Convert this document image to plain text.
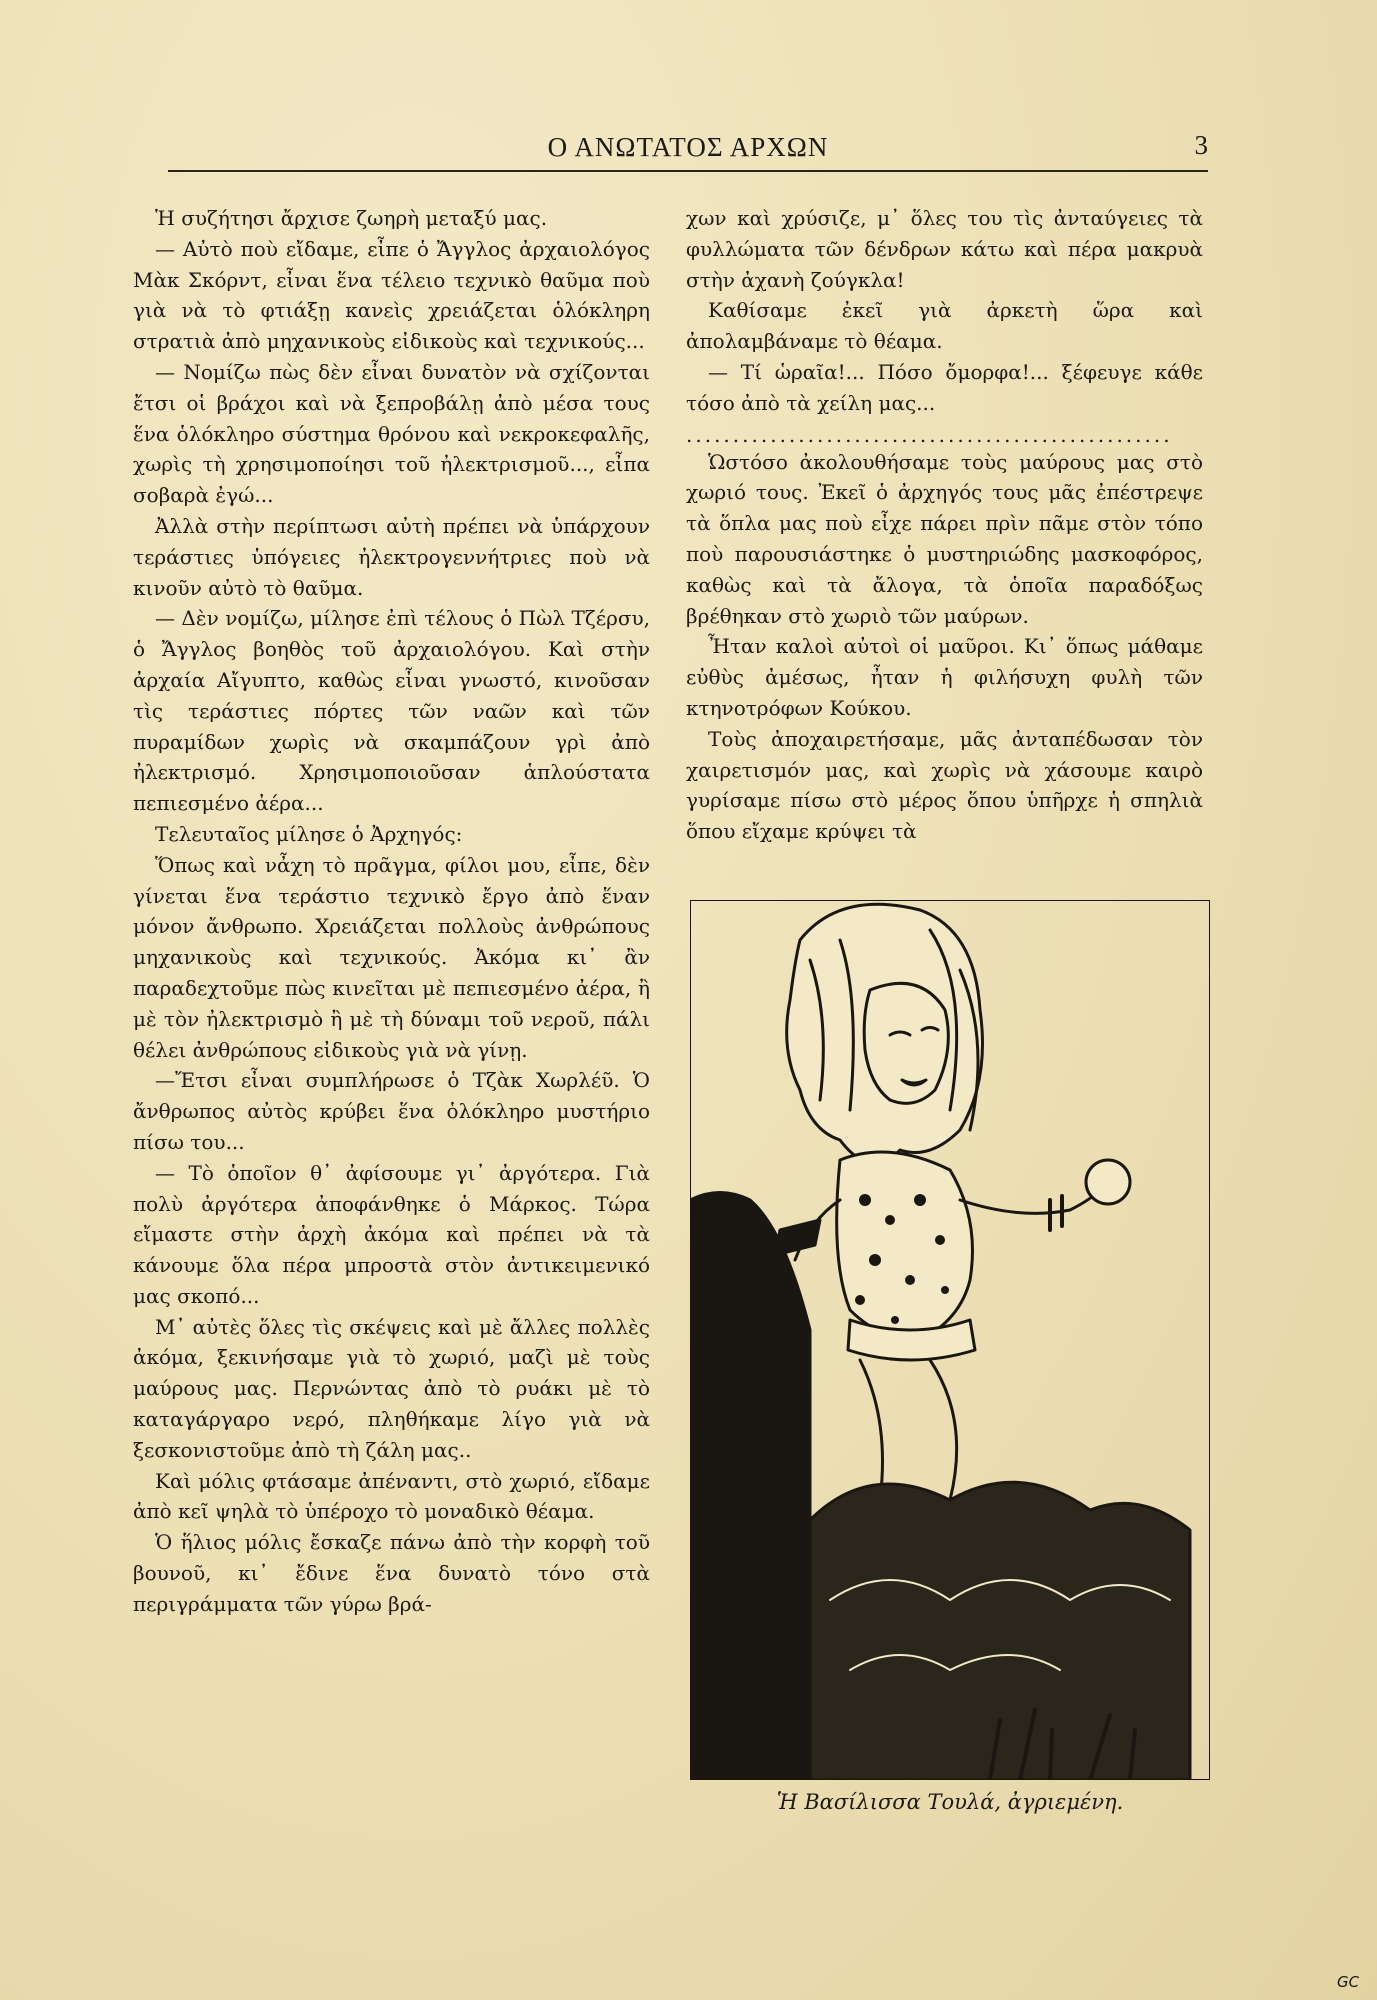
Ο ΑΝΩΤΑΤΟΣ ΑΡΧΩΝ	3

Ἡ συζήτησι ἄρχισε ζωηρὴ μεταξύ μας.

— Αὐτὸ ποὺ εἴδαμε, εἶπε ὁ Ἄγγλος ἀρχαιολόγος Μὰκ Σκόρντ, εἶναι ἕνα τέλειο τεχνικὸ θαῦμα ποὺ γιὰ νὰ τὸ φτιάξῃ κανεὶς χρειάζεται ὁλόκληρη στρατιὰ ἀπὸ μηχανικοὺς εἰδικοὺς καὶ τεχνικούς...

— Νομίζω πὼς δὲν εἶναι δυνατὸν νὰ σχίζονται ἔτσι οἱ βράχοι καὶ νὰ ξεπροβάλῃ ἀπὸ μέσα τους ἕνα ὁλόκληρο σύστημα θρόνου καὶ νεκροκεφαλῆς, χωρὶς τὴ χρησιμοποίησι τοῦ ἠλεκτρισμοῦ..., εἶπα σοβαρὰ ἐγώ...

Ἀλλὰ στὴν περίπτωσι αὐτὴ πρέπει νὰ ὑπάρχουν τεράστιες ὑπόγειες ἠλεκτρογεννήτριες ποὺ νὰ κινοῦν αὐτὸ τὸ θαῦμα.

— Δὲν νομίζω, μίλησε ἐπὶ τέλους ὁ Πὼλ Τζέρσυ, ὁ Ἄγγλος βοηθὸς τοῦ ἀρχαιολόγου. Καὶ στὴν ἀρχαία Αἴγυπτο, καθὼς εἶναι γνωστό, κινοῦσαν τὶς τεράστιες πόρτες τῶν ναῶν καὶ τῶν πυραμίδων χωρὶς νὰ σκαμπάζουν γρὶ ἀπὸ ἠλεκτρισμό. Χρησιμοποιοῦσαν ἁπλούστατα πεπιεσμένο ἀέρα...

Τελευταῖος μίλησε ὁ Ἀρχηγός:

Ὅπως καὶ νἆχη τὸ πρᾶγμα, φίλοι μου, εἶπε, δὲν γίνεται ἕνα τεράστιο τεχνικὸ ἔργο ἀπὸ ἕναν μόνον ἄνθρωπο. Χρειάζεται πολλοὺς ἀνθρώπους μηχανικοὺς καὶ τεχνικούς. Ἀκόμα κι᾽ ἂν παραδεχτοῦμε πὼς κινεῖται μὲ πεπιεσμένο ἀέρα, ἢ μὲ τὸν ἠλεκτρισμὸ ἢ μὲ τὴ δύναμι τοῦ νεροῦ, πάλι θέλει ἀνθρώπους εἰδικοὺς γιὰ νὰ γίνῃ.

—Ἔτσι εἶναι συμπλήρωσε ὁ Τζὰκ Χωρλέῦ. Ὁ ἄνθρωπος αὐτὸς κρύβει ἕνα ὁλόκληρο μυστήριο πίσω του...

— Τὸ ὁποῖον θ᾽ ἀφίσουμε γι᾽ ἀργότερα. Γιὰ πολὺ ἀργότερα ἀποφάνθηκε ὁ Μάρκος. Τώρα εἴμαστε στὴν ἀρχὴ ἀκόμα καὶ πρέπει νὰ τὰ κάνουμε ὅλα πέρα μπροστὰ στὸν ἀντικειμενικό μας σκοπό...

Μ᾽ αὐτὲς ὅλες τὶς σκέψεις καὶ μὲ ἄλλες πολλὲς ἀκόμα, ξεκινήσαμε γιὰ τὸ χωριό, μαζὶ μὲ τοὺς μαύρους μας. Περνώντας ἀπὸ τὸ ρυάκι μὲ τὸ καταγάργαρο νερό, πληθήκαμε λίγο γιὰ νὰ ξεσκονιστοῦμε ἀπὸ τὴ ζάλη μας..

Καὶ μόλις φτάσαμε ἀπέναντι, στὸ χωριό, εἴδαμε ἀπὸ κεῖ ψηλὰ τὸ ὑπέροχο τὸ μοναδικὸ θέαμα.

Ὁ ἥλιος μόλις ἔσκαζε πάνω ἀπὸ τὴν κορφὴ τοῦ βουνοῦ, κι᾽ ἔδινε ἕνα δυνατὸ τόνο στὰ περιγράμματα τῶν γύρω βρά-

χων καὶ χρύσιζε, μ᾽ ὅλες του τὶς ἀνταύγειες τὰ φυλλώματα τῶν δένδρων κάτω καὶ πέρα μακρυὰ στὴν ἀχανὴ ζούγκλα!

Καθίσαμε ἐκεῖ γιὰ ἀρκετὴ ὥρα καὶ ἀπολαμβάναμε τὸ θέαμα.

— Τί ὡραῖα!... Πόσο ὄμορφα!... ξέφευγε κάθε τόσο ἀπὸ τὰ χείλη μας...

....................................................

Ὡστόσο ἀκολουθήσαμε τοὺς μαύρους μας στὸ χωριό τους. Ἐκεῖ ὁ ἀρχηγός τους μᾶς ἐπέστρεψε τὰ ὅπλα μας ποὺ εἶχε πάρει πρὶν πᾶμε στὸν τόπο ποὺ παρουσιάστηκε ὁ μυστηριώδης μασκοφόρος, καθὼς καὶ τὰ ἄλογα, τὰ ὁποῖα παραδόξως βρέθηκαν στὸ χωριὸ τῶν μαύρων.

Ἦταν καλοὶ αὐτοὶ οἱ μαῦροι. Κι᾽ ὅπως μάθαμε εὐθὺς ἀμέσως, ἦταν ἡ φιλήσυχη φυλὴ τῶν κτηνοτρόφων Κούκου.

Τοὺς ἀποχαιρετήσαμε, μᾶς ἀνταπέδωσαν τὸν χαιρετισμόν μας, καὶ χωρὶς νὰ χάσουμε καιρὸ γυρίσαμε πίσω στὸ μέρος ὅπου ὑπῆρχε ἡ σπηλιὰ ὅπου εἴχαμε κρύψει τὰ

Ἡ Βασίλισσα Τουλά, ἀγριεμένη.
GC
